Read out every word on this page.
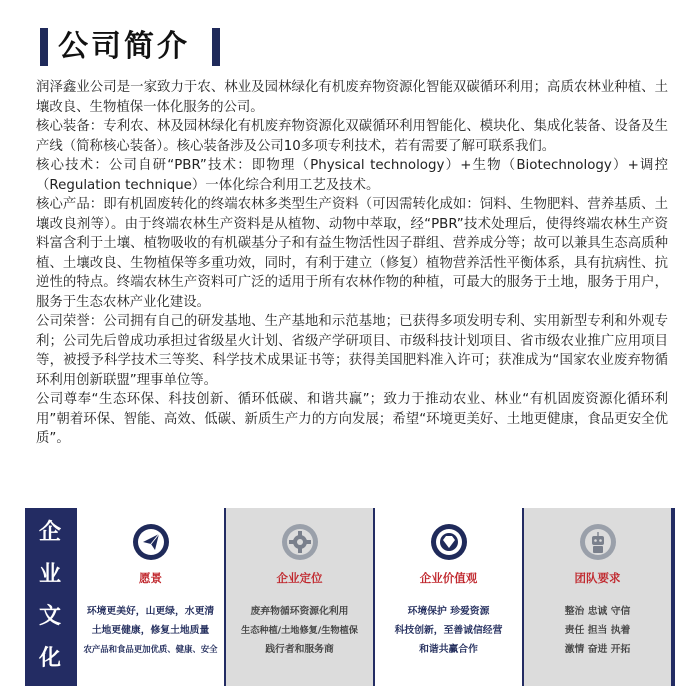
公司简介

润泽鑫业公司是一家致力于农、林业及园林绿化有机废弃物资源化智能双碳循环利用；高质农林业种植、土壤改良、生物植保一体化服务的公司。

核心装备：专利农、林及园林绿化有机废弃物资源化双碳循环利用智能化、模块化、集成化装备、设备及生产线（简称核心装备）。核心装备涉及公司10多项专利技术，若有需要了解可联系我们。

核心技术：公司自研“PBR”技术：即物理（Physical technology）+生物（Biotechnology）+调控（Regulation technique）一体化综合利用工艺及技术。

核心产品：即有机固废转化的终端农林多类型生产资料（可因需转化成如：饲料、生物肥料、营养基质、土壤改良剂等）。由于终端农林生产资料是从植物、动物中萃取，经“PBR”技术处理后，使得终端农林生产资料富含利于土壤、植物吸收的有机碳基分子和有益生物活性因子群组、营养成分等；故可以兼具生态高质种植、土壤改良、生物植保等多重功效，同时，有利于建立（修复）植物营养活性平衡体系，具有抗病性、抗逆性的特点。终端农林生产资料可广泛的适用于所有农林作物的种植，可最大的服务于土地，服务于用户，服务于生态农林产业化建设。

公司荣誉：公司拥有自己的研发基地、生产基地和示范基地；已获得多项发明专利、实用新型专利和外观专利；公司先后曾成功承担过省级星火计划、省级产学研项目、市级科技计划项目、省市级农业推广应用项目等，被授予科学技术三等奖、科学技术成果证书等；获得美国肥料准入许可；获准成为“国家农业废弃物循环利用创新联盟”理事单位等。

公司尊奉“生态环保、科技创新、循环低碳、和谐共赢”；致力于推动农业、林业“有机固废资源化循环利用”朝着环保、智能、高效、低碳、新质生产力的方向发展；希望“环境更美好、土地更健康，食品更安全优质”。

企
业
文
化
愿景
环境更美好，山更绿，水更清
土地更健康，修复土地质量
农产品和食品更加优质、健康、安全
企业定位
废弃物循环资源化利用
生态种植/土地修复/生物植保
践行者和服务商
企业价值观
环境保护 珍爱资源
科技创新，至善诚信经营
和谐共赢合作
团队要求
整治 忠诚 守信
责任 担当 执着
激情 奋进 开拓
